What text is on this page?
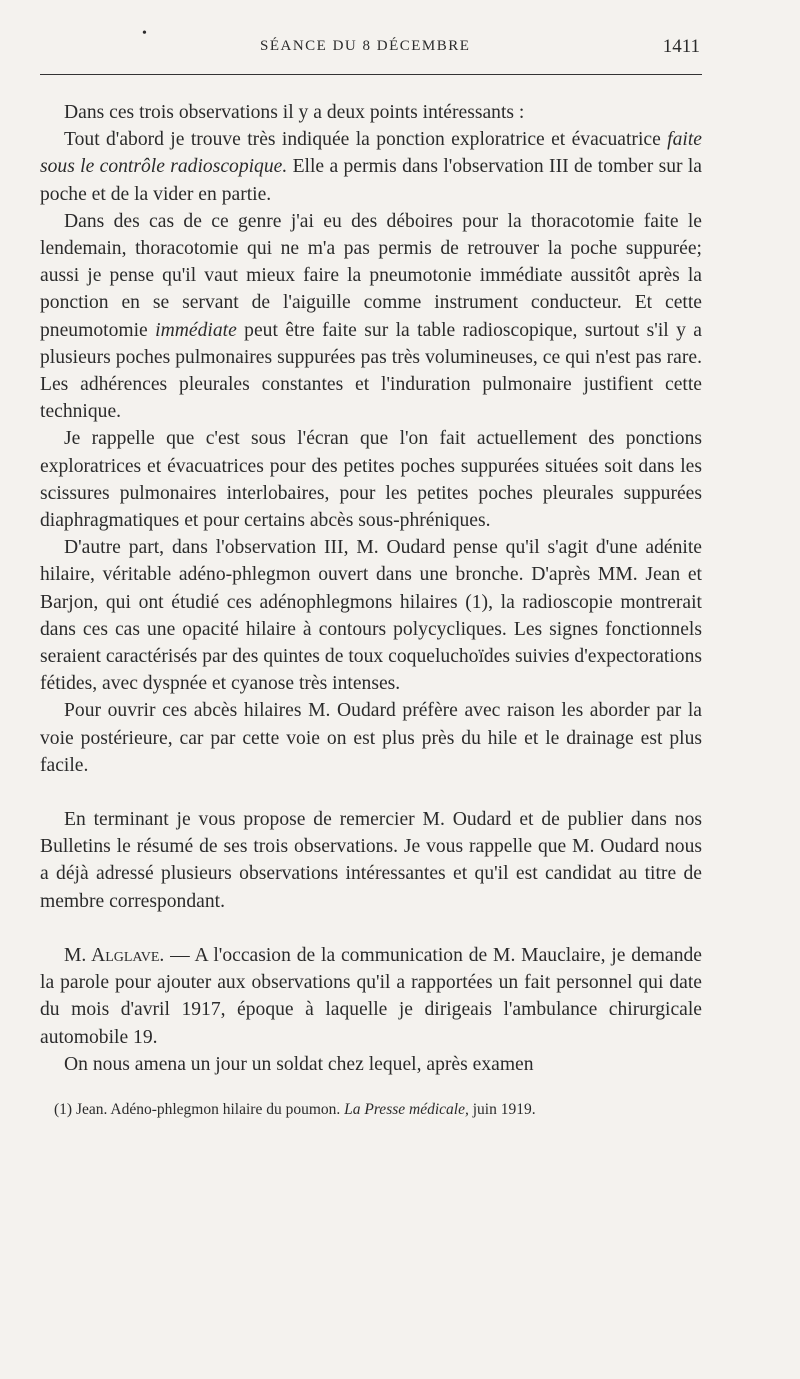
•
SÉANCE DU 8 DÉCEMBRE	1411

Dans ces trois observations il y a deux points intéressants :

Tout d'abord je trouve très indiquée la ponction exploratrice et évacuatrice faite sous le contrôle radioscopique. Elle a permis dans l'observation III de tomber sur la poche et de la vider en partie.

Dans des cas de ce genre j'ai eu des déboires pour la thoracotomie faite le lendemain, thoracotomie qui ne m'a pas permis de retrouver la poche suppurée; aussi je pense qu'il vaut mieux faire la pneumotonie immédiate aussitôt après la ponction en se servant de l'aiguille comme instrument conducteur. Et cette pneumotomie immédiate peut être faite sur la table radioscopique, surtout s'il y a plusieurs poches pulmonaires suppurées pas très volumineuses, ce qui n'est pas rare. Les adhérences pleurales constantes et l'induration pulmonaire justifient cette technique.

Je rappelle que c'est sous l'écran que l'on fait actuellement des ponctions exploratrices et évacuatrices pour des petites poches suppurées situées soit dans les scissures pulmonaires interlobaires, pour les petites poches pleurales suppurées diaphragmatiques et pour certains abcès sous-phréniques.

D'autre part, dans l'observation III, M. Oudard pense qu'il s'agit d'une adénite hilaire, véritable adéno-phlegmon ouvert dans une bronche. D'après MM. Jean et Barjon, qui ont étudié ces adénophlegmons hilaires (1), la radioscopie montrerait dans ces cas une opacité hilaire à contours polycycliques. Les signes fonctionnels seraient caractérisés par des quintes de toux coqueluchoïdes suivies d'expectorations fétides, avec dyspnée et cyanose très intenses.

Pour ouvrir ces abcès hilaires M. Oudard préfère avec raison les aborder par la voie postérieure, car par cette voie on est plus près du hile et le drainage est plus facile.

En terminant je vous propose de remercier M. Oudard et de publier dans nos Bulletins le résumé de ses trois observations. Je vous rappelle que M. Oudard nous a déjà adressé plusieurs observations intéressantes et qu'il est candidat au titre de membre correspondant.

M. Alglave. — A l'occasion de la communication de M. Mauclaire, je demande la parole pour ajouter aux observations qu'il a rapportées un fait personnel qui date du mois d'avril 1917, époque à laquelle je dirigeais l'ambulance chirurgicale automobile 19.

On nous amena un jour un soldat chez lequel, après examen

(1) Jean. Adéno-phlegmon hilaire du poumon. La Presse médicale, juin 1919.
